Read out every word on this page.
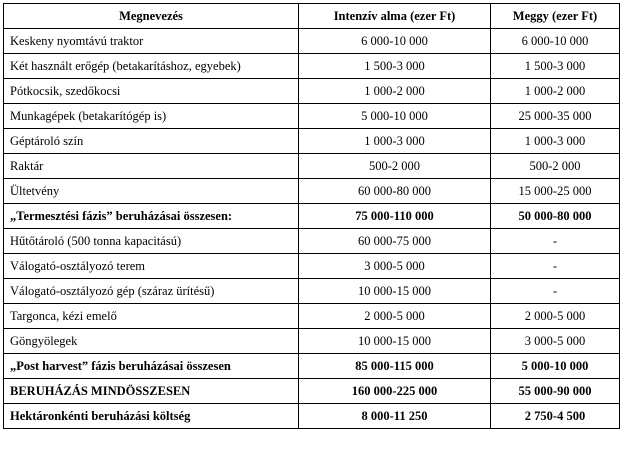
Megnevezés	Intenzív alma (ezer Ft)	Meggy (ezer Ft)
Keskeny nyomtávú traktor	6 000-10 000	6 000-10 000
Két használt erőgép (betakarításhoz, egyebek)	1 500-3 000	1 500-3 000
Pótkocsik, szedőkocsi	1 000-2 000	1 000-2 000
Munkagépek (betakarítógép is)	5 000-10 000	25 000-35 000
Géptároló szín	1 000-3 000	1 000-3 000
Raktár	500-2 000	500-2 000
Ültetvény	60 000-80 000	15 000-25 000
„Termesztési fázis” beruházásai összesen:	75 000-110 000	50 000-80 000
Hűtőtároló (500 tonna kapacitású)	60 000-75 000	-
Válogató-osztályozó terem	3 000-5 000	-
Válogató-osztályozó gép (száraz ürítésű)	10 000-15 000	-
Targonca, kézi emelő	2 000-5 000	2 000-5 000
Göngyölegek	10 000-15 000	3 000-5 000
„Post harvest” fázis beruházásai összesen	85 000-115 000	5 000-10 000
BERUHÁZÁS MINDÖSSZESEN	160 000-225 000	55 000-90 000
Hektáronkénti beruházási költség	8 000-11 250	2 750-4 500
